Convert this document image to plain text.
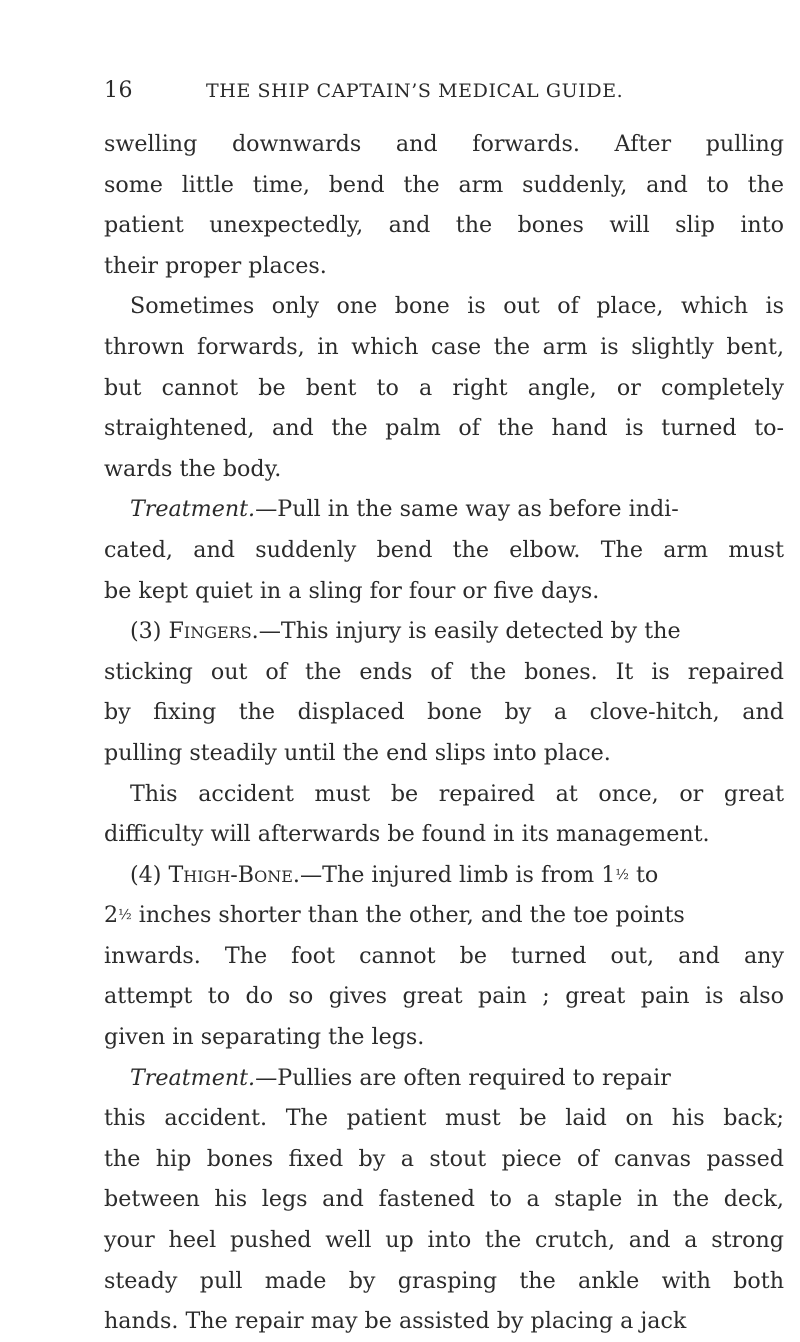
16	THE SHIP CAPTAIN’S MEDICAL GUIDE.
swelling downwards and forwards. After pulling
some little time, bend the arm suddenly, and to the
patient unexpectedly, and the bones will slip into
their proper places.
Sometimes only one bone is out of place, which is
thrown forwards, in which case the arm is slightly bent,
but cannot be bent to a right angle, or completely
straightened, and the palm of the hand is turned to-
wards the body.
Treatment.—Pull in the same way as before indi-
cated, and suddenly bend the elbow. The arm must
be kept quiet in a sling for four or five days.
(3) Fingers.—This injury is easily detected by the
sticking out of the ends of the bones. It is repaired
by fixing the displaced bone by a clove-hitch, and
pulling steadily until the end slips into place.
This accident must be repaired at once, or great
difficulty will afterwards be found in its management.
(4) Thigh-Bone.—The injured limb is from 1½ to
2½ inches shorter than the other, and the toe points
inwards. The foot cannot be turned out, and any
attempt to do so gives great pain ; great pain is also
given in separating the legs.
Treatment.—Pullies are often required to repair
this accident. The patient must be laid on his back;
the hip bones fixed by a stout piece of canvas passed
between his legs and fastened to a staple in the deck,
your heel pushed well up into the crutch, and a strong
steady pull made by grasping the ankle with both
hands. The repair may be assisted by placing a jack
